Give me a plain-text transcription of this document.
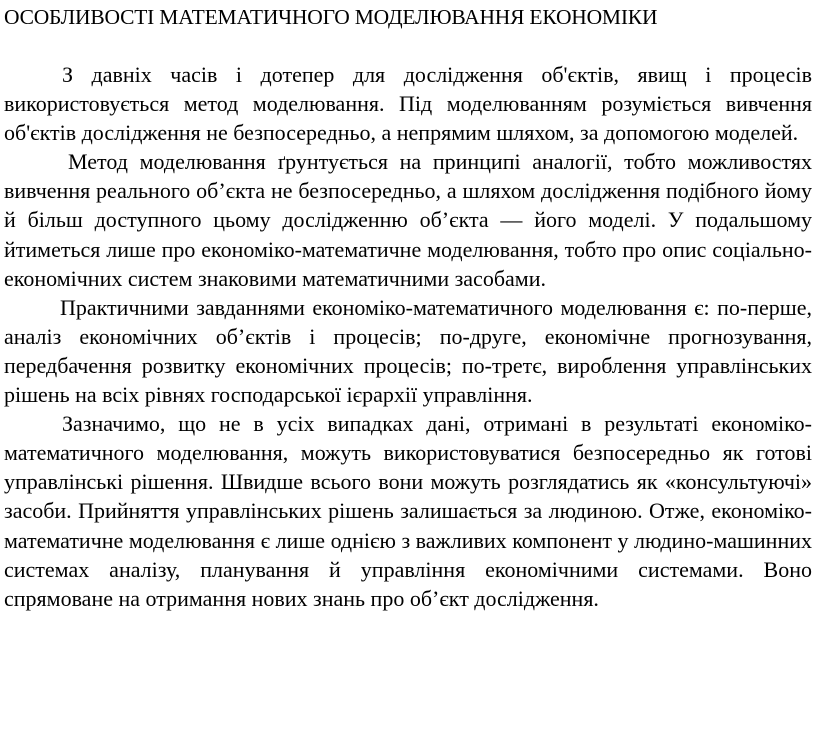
ОСОБЛИВОСТІ МАТЕМАТИЧНОГО МОДЕЛЮВАННЯ ЕКОНОМІКИ

З давніх часів і дотепер для дослідження об'єктів, явищ і процесів використовується метод моделювання. Під моделюванням розуміється вивчення об'єктів дослідження не безпосередньо, а непрямим шляхом, за допомогою моделей.

Метод моделювання ґрунтується на принципі аналогії, тобто можливостях вивчення реального об’єкта не безпосередньо, а шляхом дослідження подібного йому й більш доступного цьому дослідженню об’єкта — його моделі. У подальшому йтиметься лише про економіко-математичне моделювання, тобто про опис соціально-економічних систем знаковими математичними засобами.

Практичними завданнями економіко-математичного моделювання є: по-перше, аналіз економічних об’єктів і процесів; по-друге, економічне прогнозування, передбачення розвитку економічних процесів; по-третє, вироблення управлінських рішень на всіх рівнях господарської ієрархії управління.

Зазначимо, що не в усіх випадках дані, отримані в результаті економіко-математичного моделювання, можуть використовуватися безпосередньо як готові управлінські рішення. Швидше всього вони можуть розглядатись як «консультуючі» засоби. Прийняття управлінських рішень залишається за людиною. Отже, економіко-математичне моделювання є лише однією з важливих компонент у людино-машинних системах аналізу, планування й управління економічними системами. Воно спрямоване на отримання нових знань про об’єкт дослідження.
